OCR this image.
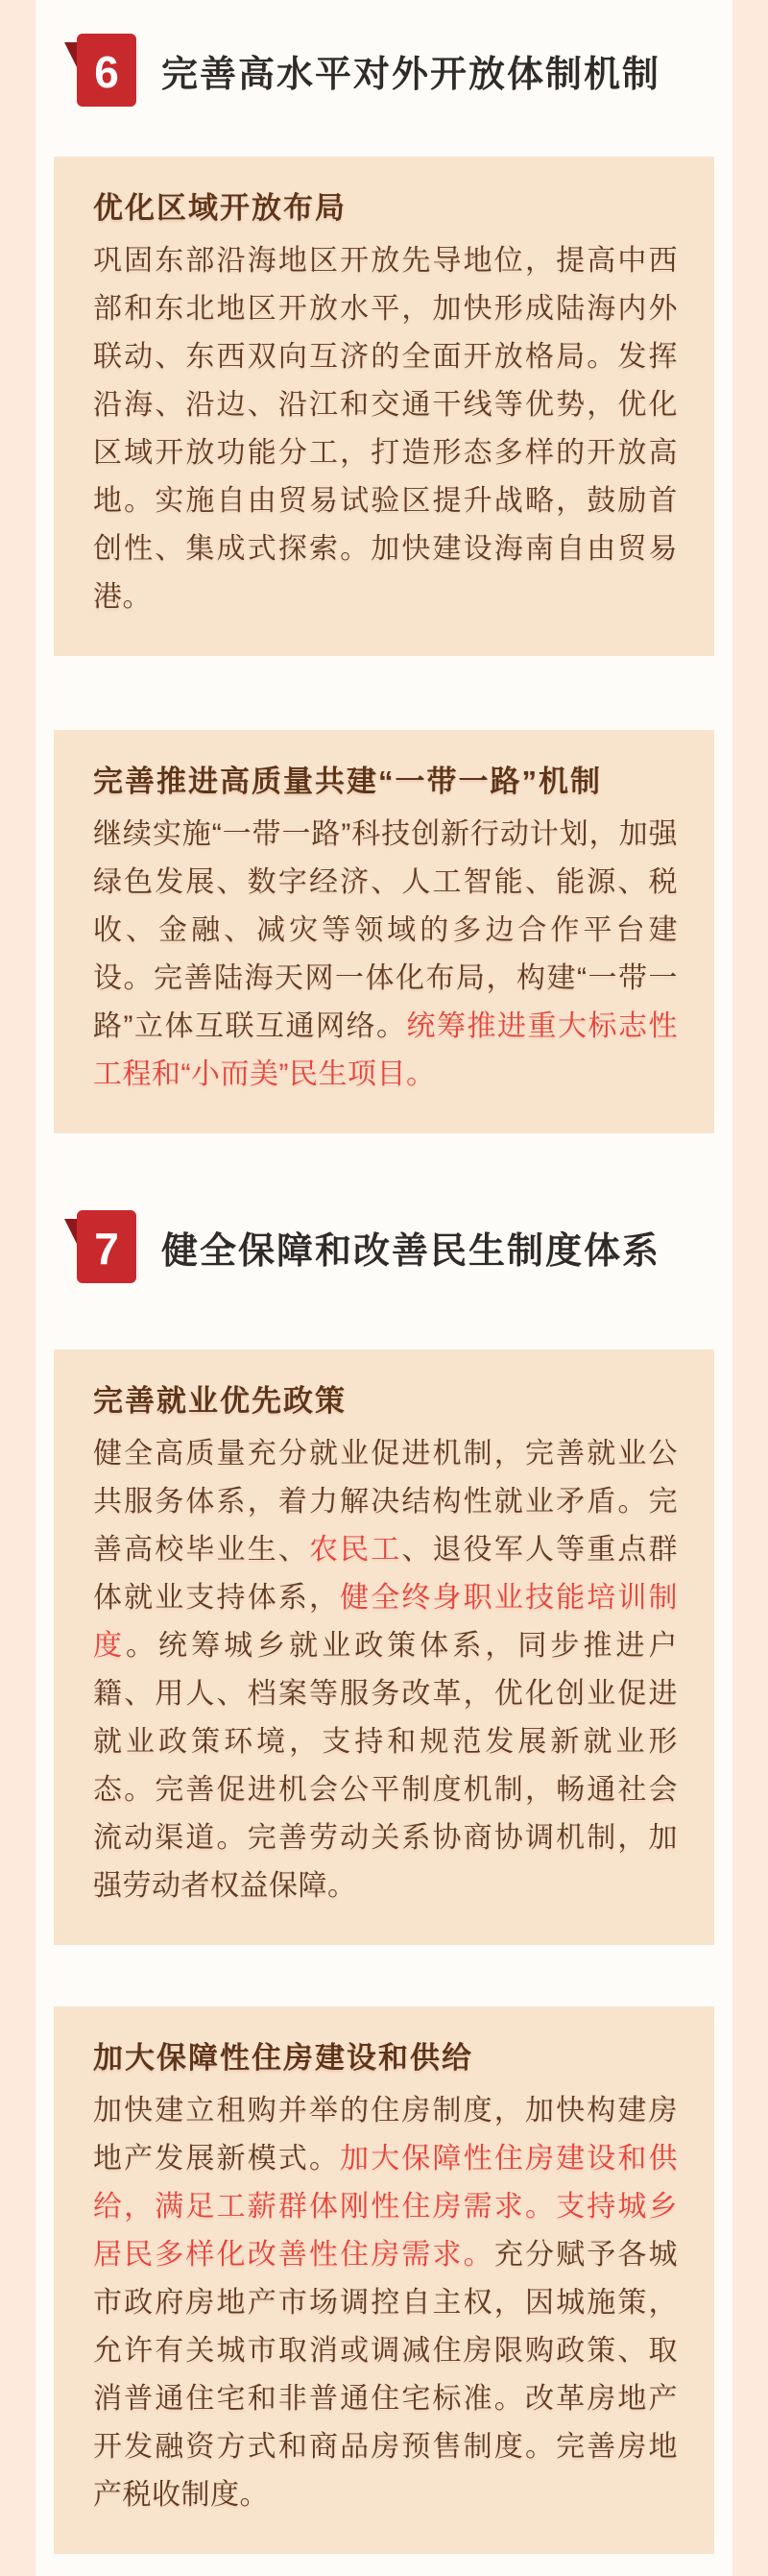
6 完善高水平对外开放体制机制
优化区域开放布局

巩固东部沿海地区开放先导地位，提高中西部和东北地区开放水平，加快形成陆海内外联动、东西双向互济的全面开放格局。发挥沿海、沿边、沿江和交通干线等优势，优化区域开放功能分工，打造形态多样的开放高地。实施自由贸易试验区提升战略，鼓励首创性、集成式探索。加快建设海南自由贸易港。

完善推进高质量共建“一带一路”机制

继续实施“一带一路”科技创新行动计划，加强绿色发展、数字经济、人工智能、能源、税收、金融、减灾等领域的多边合作平台建设。完善陆海天网一体化布局，构建“一带一路”立体互联互通网络。统筹推进重大标志性工程和“小而美”民生项目。

7 健全保障和改善民生制度体系
完善就业优先政策

健全高质量充分就业促进机制，完善就业公共服务体系，着力解决结构性就业矛盾。完善高校毕业生、农民工、退役军人等重点群体就业支持体系，健全终身职业技能培训制度。统筹城乡就业政策体系，同步推进户籍、用人、档案等服务改革，优化创业促进就业政策环境，支持和规范发展新就业形态。完善促进机会公平制度机制，畅通社会流动渠道。完善劳动关系协商协调机制，加强劳动者权益保障。

加大保障性住房建设和供给

加快建立租购并举的住房制度，加快构建房地产发展新模式。加大保障性住房建设和供给，满足工薪群体刚性住房需求。支持城乡居民多样化改善性住房需求。充分赋予各城市政府房地产市场调控自主权，因城施策，允许有关城市取消或调减住房限购政策、取消普通住宅和非普通住宅标准。改革房地产开发融资方式和商品房预售制度。完善房地产税收制度。
